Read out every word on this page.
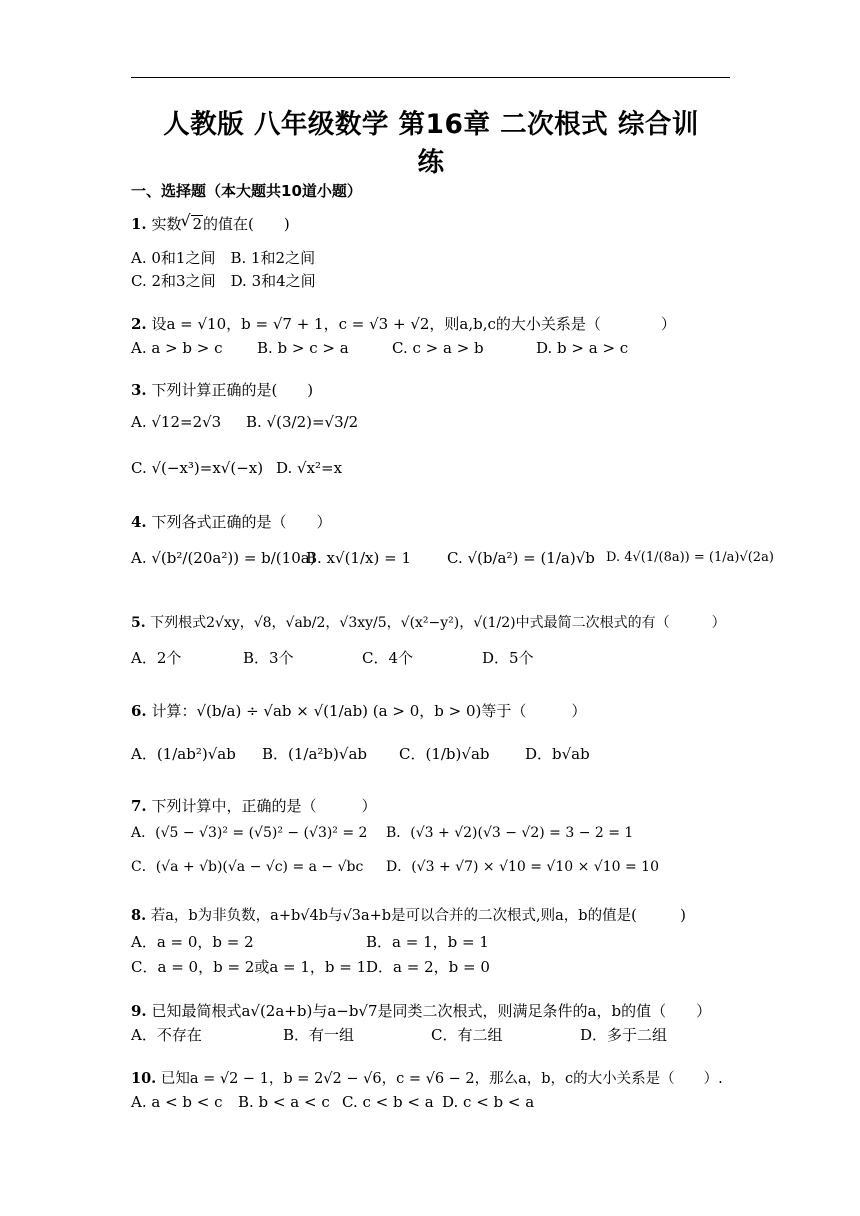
人教版 八年级数学 第16章 二次根式 综合训
练
一、选择题（本大题共10道小题）
1. 实数√ 2的值在(　　)
A. 0和1之间　B. 1和2之间
C. 2和3之间　D. 3和4之间
2. 设a = √10，b = √7 + 1，c = √3 + √2，则a,b,c的大小关系是（　　　　）
A. a > b > c B. b > c > a	C. c > a > b	D. b > a > c
3. 下列计算正确的是(　　)
A. √12=2√3 B. √(3/2)=√3/2
C. √(−x³)=x√(−x) D. √x²=x
4. 下列各式正确的是（　　）
A. √(b²/(20a²)) = b/(10a)
B. x√(1/x) = 1 C. √(b/a²) = (1/a)√b D. 4√(1/(8a)) = (1/a)√(2a)
5. 下列根式2√xy，√8，√ab/2，√3xy/5，√(x²−y²)，√(1/2)中式最简二次根式的有（　　　）
A．2个	B．3个	C．4个	D．5个
6. 计算：√(b/a) ÷ √ab × √(1/ab) (a > 0，b > 0)等于（　　　）
A．(1/ab²)√ab B．(1/a²b)√ab C．(1/b)√ab D．b√ab
7. 下列计算中，正确的是（　　　）
A．(√5 − √3)² = (√5)² − (√3)² = 2 B．(√3 + √2)(√3 − √2) = 3 − 2 = 1
C．(√a + √b)(√a − √c) = a − √bc D．(√3 + √7) × √10 = √10 × √10 = 10
8. 若a，b为非负数，a+b√4b与√3a+b是可以合并的二次根式,则a，b的值是(　　　)
A．a = 0，b = 2	B．a = 1，b = 1
C．a = 0，b = 2或a = 1，b = 1 D．a = 2，b = 0
9. 已知最简根式a√(2a+b)与a−b√7是同类二次根式，则满足条件的a，b的值（　　）
A．不存在	B．有一组	C．有二组	D．多于二组
10. 已知a = √2 − 1，b = 2√2 − √6，c = √6 − 2，那么a，b，c的大小关系是（　　）.
A. a < b < c B. b < a < c C. c < b < a D. c < b < a
